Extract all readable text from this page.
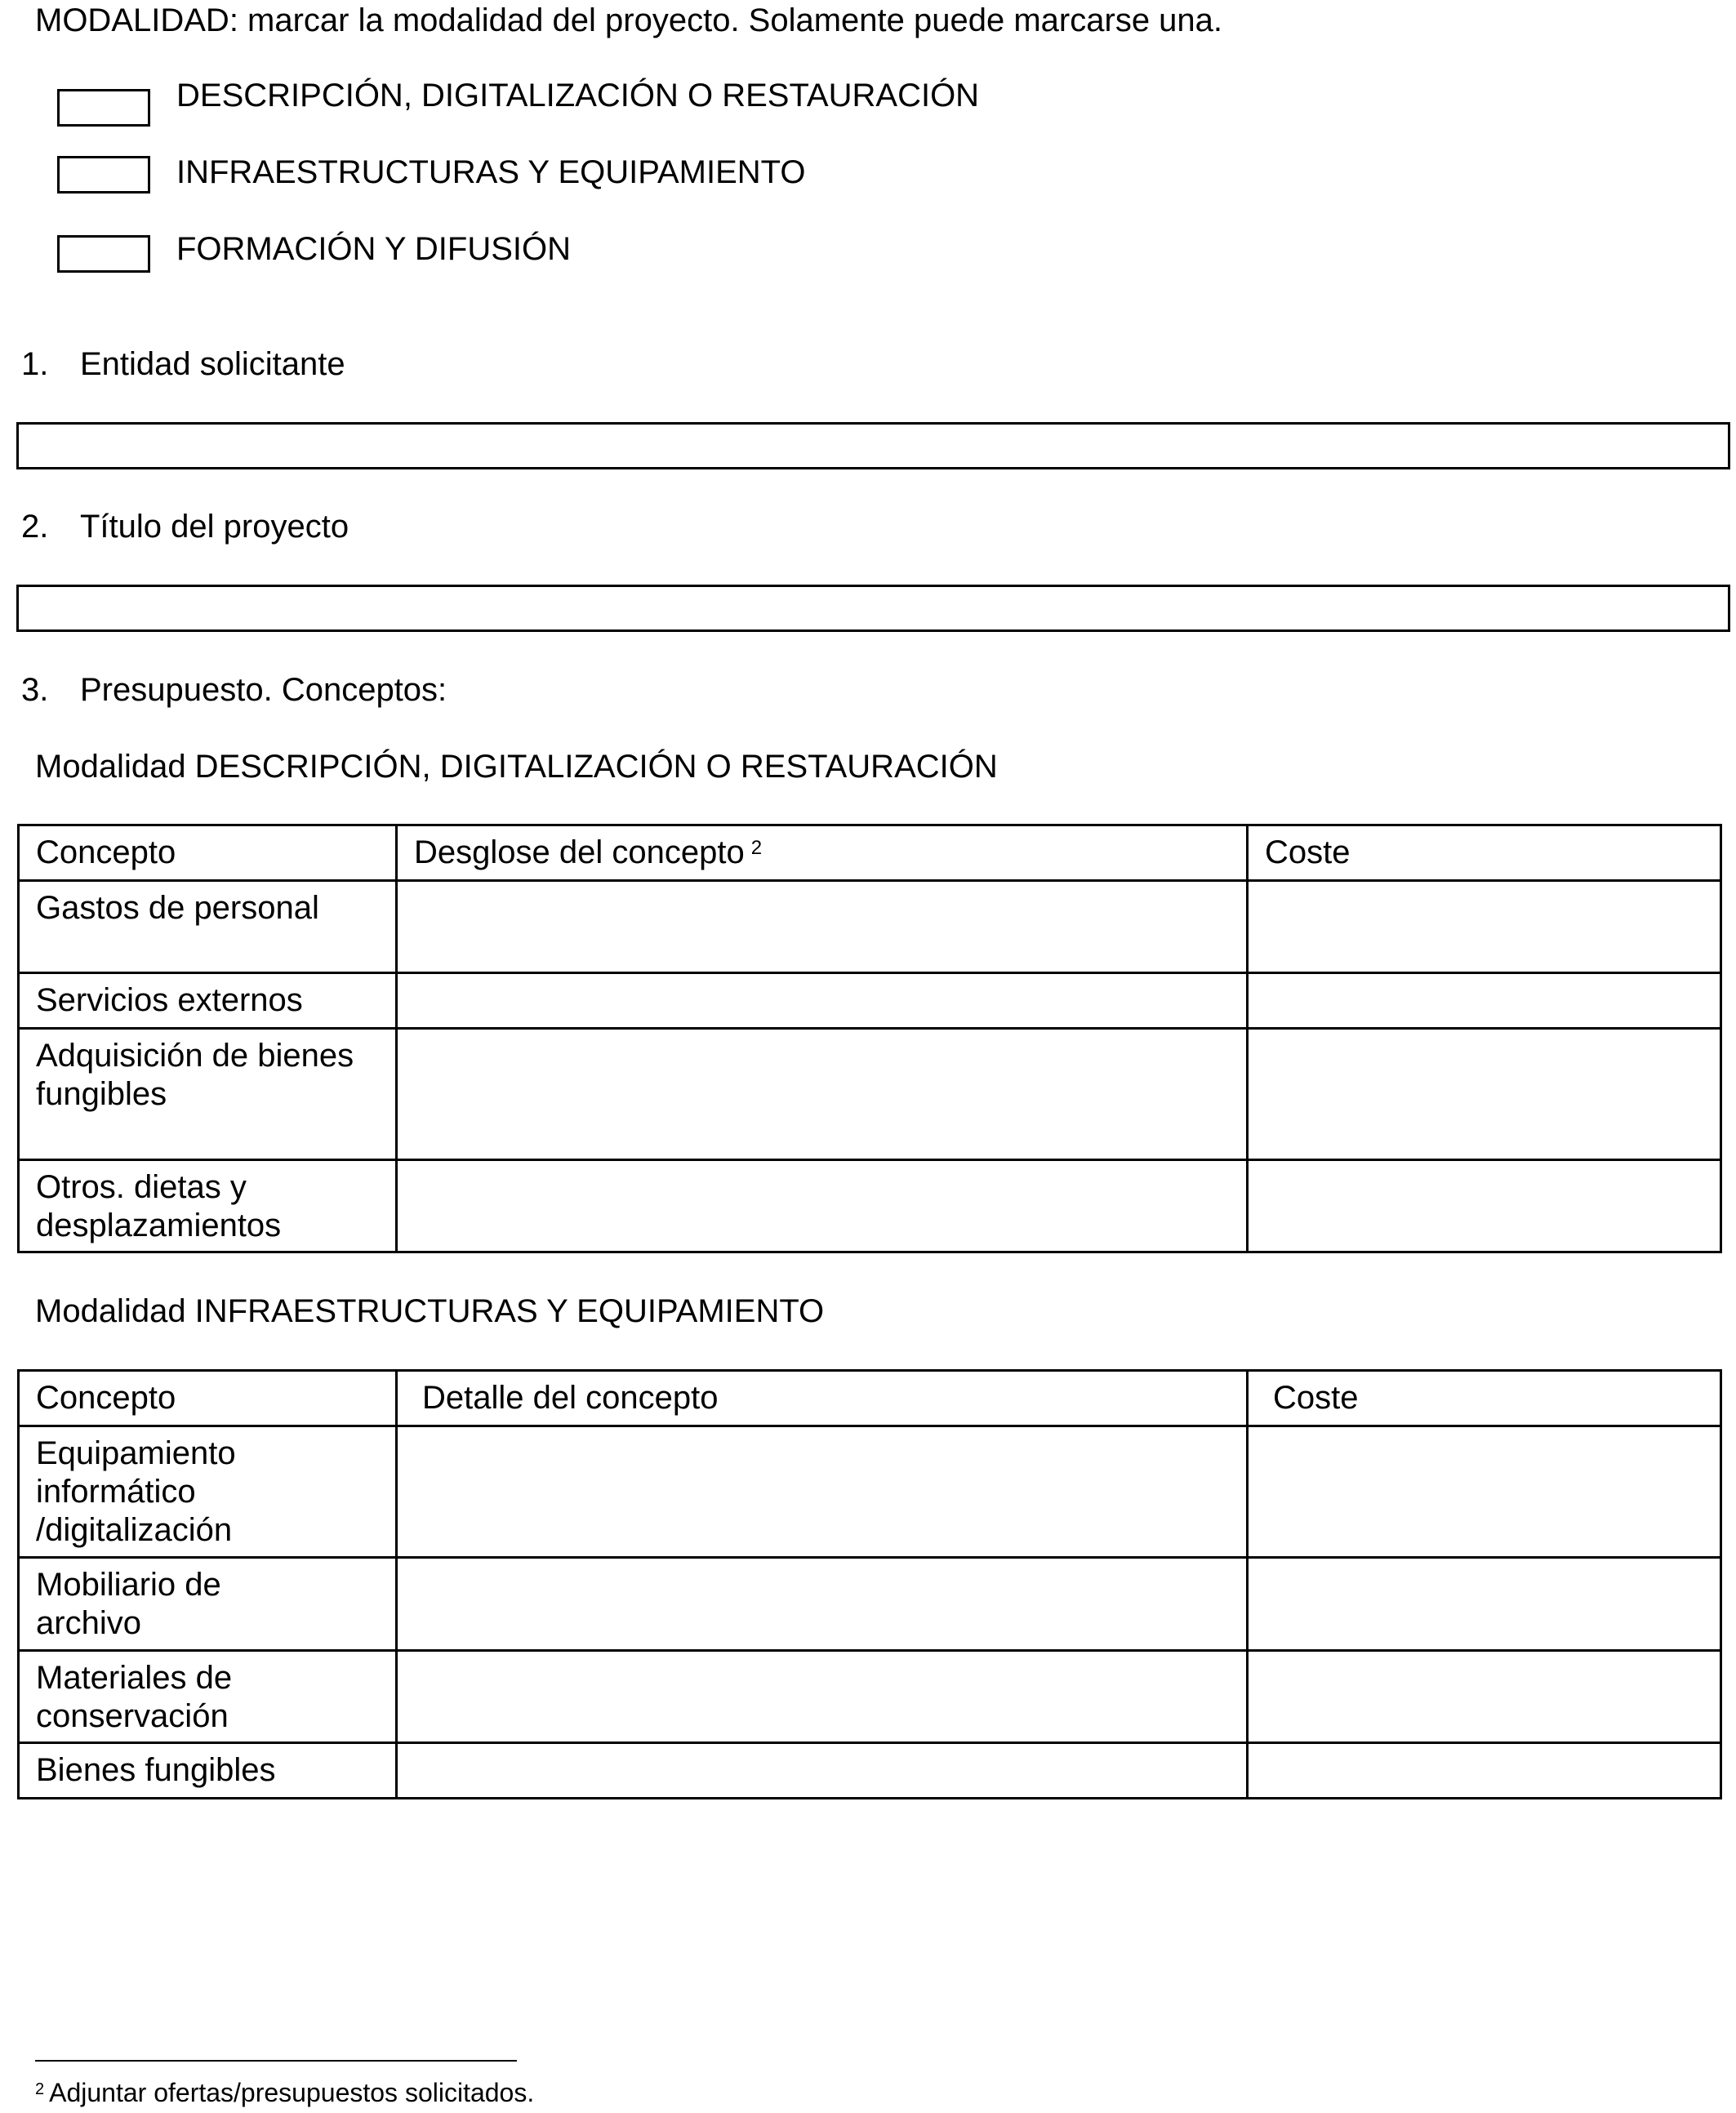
MODALIDAD: marcar la modalidad del proyecto. Solamente puede marcarse una.
DESCRIPCIÓN, DIGITALIZACIÓN O RESTAURACIÓN
INFRAESTRUCTURAS Y EQUIPAMIENTO
FORMACIÓN Y DIFUSIÓN
1. Entidad solicitante
2. Título del proyecto
3. Presupuesto. Conceptos:
Modalidad DESCRIPCIÓN, DIGITALIZACIÓN O RESTAURACIÓN
Concepto	Desglose del concepto $^2$	Coste

Gastos de personal		

Servicios externos		

Adquisición de bienes
fungibles		

Otros. dietas y
desplazamientos		

Modalidad INFRAESTRUCTURAS Y EQUIPAMIENTO
Concepto	Detalle del concepto	Coste

Equipamiento
informático
/digitalización		

Mobiliario de
archivo		

Materiales de
conservación		

Bienes fungibles		

$^2$ Adjuntar ofertas/presupuestos solicitados.
